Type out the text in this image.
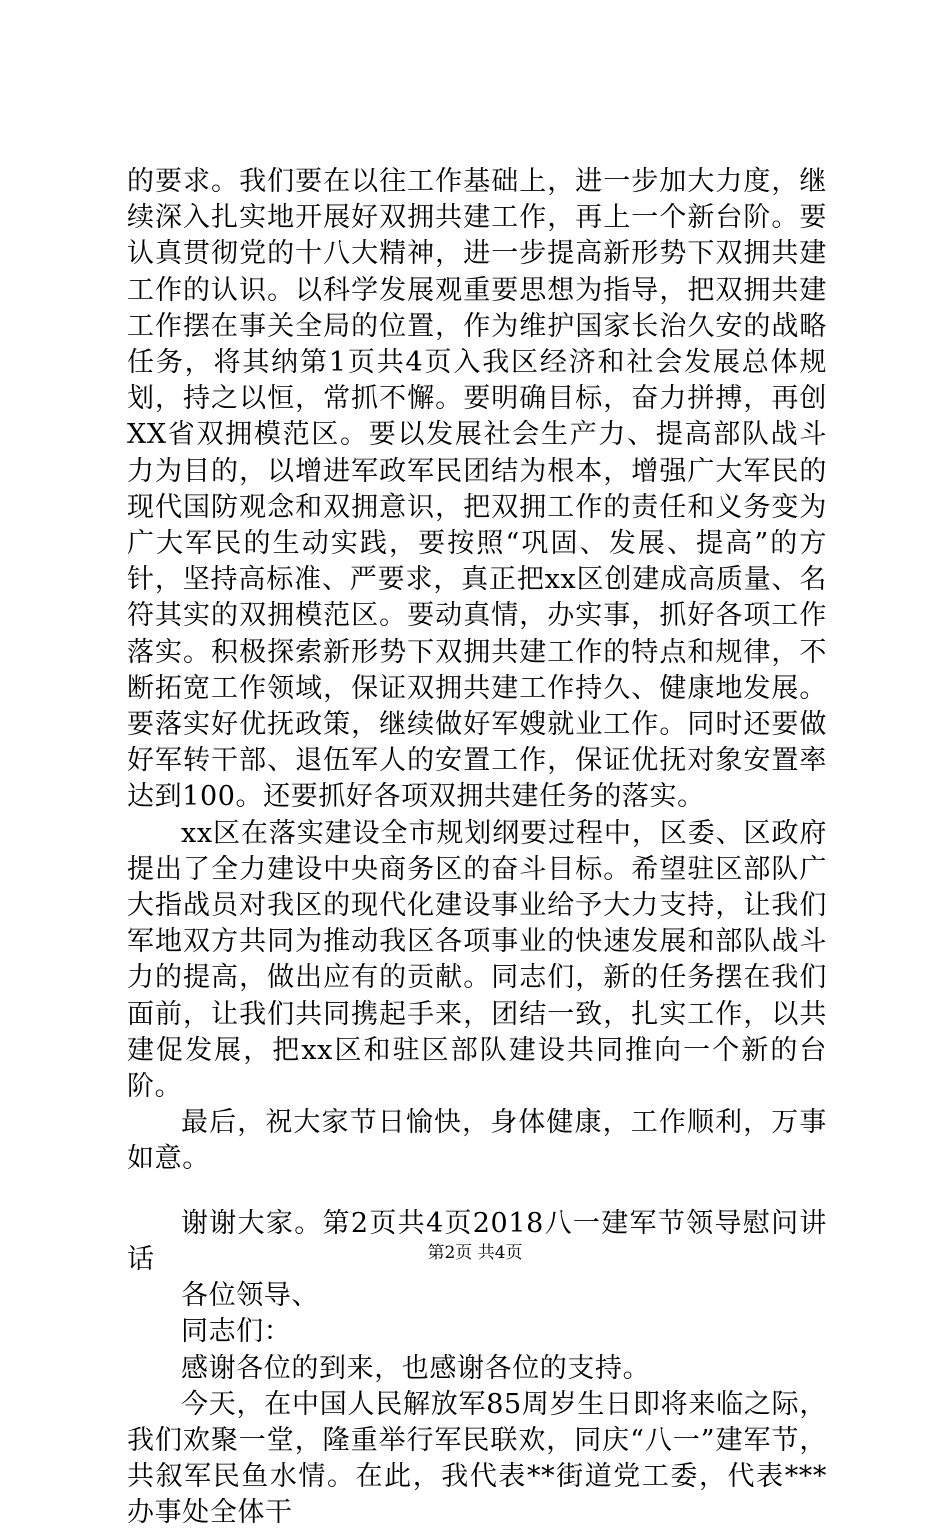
的要求。我们要在以往工作基础上，进一步加大力度，继续深入扎实地开展好双拥共建工作，再上一个新台阶。要认真贯彻党的十八大精神，进一步提高新形势下双拥共建工作的认识。以科学发展观重要思想为指导，把双拥共建工作摆在事关全局的位置，作为维护国家长治久安的战略任务，将其纳第1页共4页入我区经济和社会发展总体规划，持之以恒，常抓不懈。要明确目标，奋力拼搏，再创XX省双拥模范区。要以发展社会生产力、提高部队战斗力为目的，以增进军政军民团结为根本，增强广大军民的现代国防观念和双拥意识，把双拥工作的责任和义务变为广大军民的生动实践，要按照“巩固、发展、提高”的方针，坚持高标准、严要求，真正把xx区创建成高质量、名符其实的双拥模范区。要动真情，办实事，抓好各项工作落实。积极探索新形势下双拥共建工作的特点和规律，不断拓宽工作领域，保证双拥共建工作持久、健康地发展。要落实好优抚政策，继续做好军嫂就业工作。同时还要做好军转干部、退伍军人的安置工作，保证优抚对象安置率达到100。还要抓好各项双拥共建任务的落实。

xx区在落实建设全市规划纲要过程中，区委、区政府提出了全力建设中央商务区的奋斗目标。希望驻区部队广大指战员对我区的现代化建设事业给予大力支持，让我们军地双方共同为推动我区各项事业的快速发展和部队战斗力的提高，做出应有的贡献。同志们，新的任务摆在我们面前，让我们共同携起手来，团结一致，扎实工作，以共建促发展，把xx区和驻区部队建设共同推向一个新的台阶。

最后，祝大家节日愉快，身体健康，工作顺利，万事如意。

谢谢大家。第2页共4页2018八一建军节领导慰问讲话

各位领导、

同志们：

感谢各位的到来，也感谢各位的支持。

今天，在中国人民解放军85周岁生日即将来临之际，我们欢聚一堂，隆重举行军民联欢，同庆“八一”建军节，共叙军民鱼水情。在此，我代表**街道党工委，代表***办事处全体干

第2页 共4页
